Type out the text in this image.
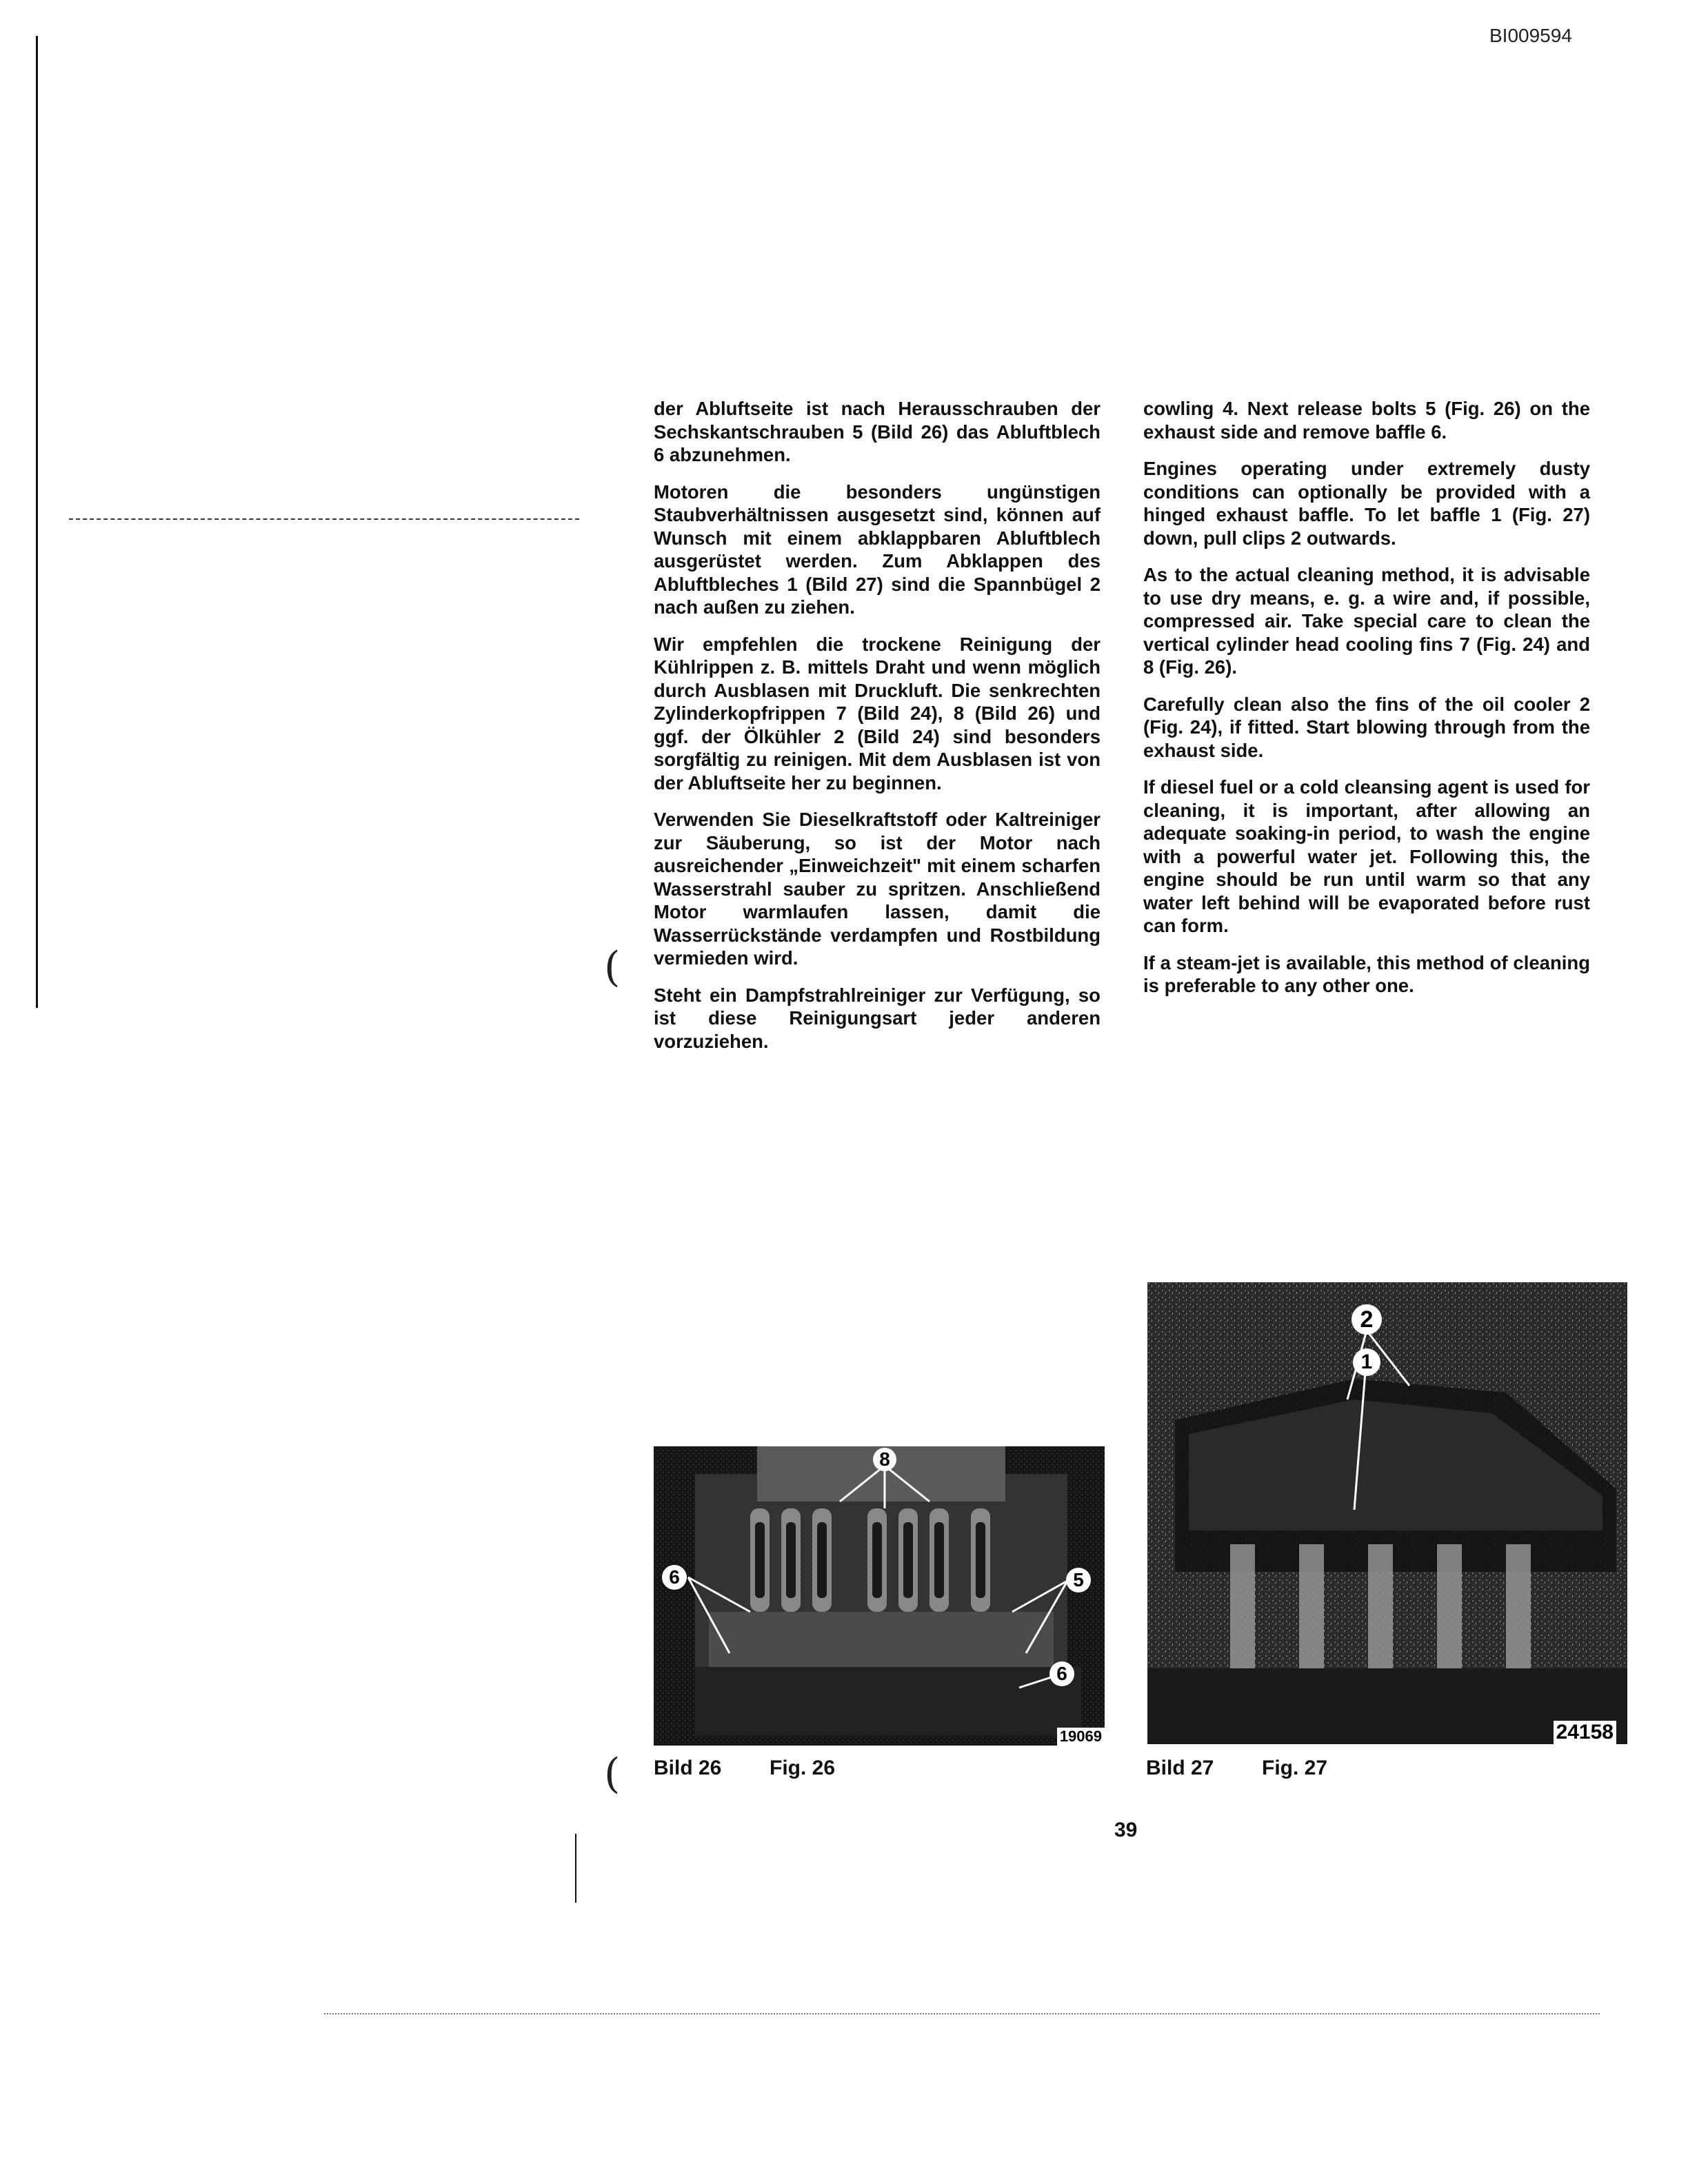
BI009594
(
(

der Abluftseite ist nach Herausschrauben der Sechskantschrauben 5 (Bild 26) das Abluftblech 6 abzunehmen.

Motoren die besonders ungünstigen Staubverhältnissen ausgesetzt sind, können auf Wunsch mit einem abklappbaren Abluftblech ausgerüstet werden. Zum Abklappen des Abluftbleches 1 (Bild 27) sind die Spannbügel 2 nach außen zu ziehen.

Wir empfehlen die trockene Reinigung der Kühlrippen z. B. mittels Draht und wenn möglich durch Ausblasen mit Druckluft. Die senkrechten Zylinderkopfrippen 7 (Bild 24), 8 (Bild 26) und ggf. der Ölkühler 2 (Bild 24) sind besonders sorgfältig zu reinigen. Mit dem Ausblasen ist von der Abluftseite her zu beginnen.

Verwenden Sie Dieselkraftstoff oder Kaltreiniger zur Säuberung, so ist der Motor nach ausreichender „Einweichzeit" mit einem scharfen Wasserstrahl sauber zu spritzen. Anschließend Motor warmlaufen lassen, damit die Wasserrückstände verdampfen und Rostbildung vermieden wird.

Steht ein Dampfstrahlreiniger zur Verfügung, so ist diese Reinigungsart jeder anderen vorzuziehen.

cowling 4. Next release bolts 5 (Fig. 26) on the exhaust side and remove baffle 6.

Engines operating under extremely dusty conditions can optionally be provided with a hinged exhaust baffle. To let baffle 1 (Fig. 27) down, pull clips 2 outwards.

As to the actual cleaning method, it is advisable to use dry means, e. g. a wire and, if possible, compressed air. Take special care to clean the vertical cylinder head cooling fins 7 (Fig. 24) and 8 (Fig. 26).

Carefully clean also the fins of the oil cooler 2 (Fig. 24), if fitted. Start blowing through from the exhaust side.

If diesel fuel or a cold cleansing agent is used for cleaning, it is important, after allowing an adequate soaking-in period, to wash the engine with a powerful water jet. Following this, the engine should be run until warm so that any water left behind will be evaporated before rust can form.

If a steam-jet is available, this method of cleaning is preferable to any other one.

8
6	5
6
19069
2
1
24158
Bild 26 Fig. 26	Bild 27 Fig. 27
39
